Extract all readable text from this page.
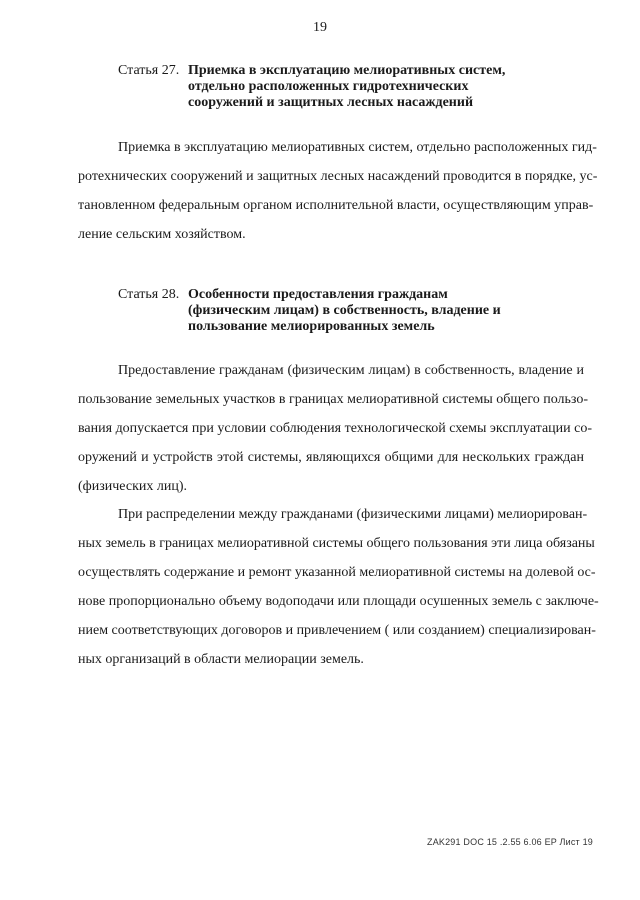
19
Статья 27. Приемка в эксплуатацию мелиоративных систем,
отдельно расположенных гидротехнических
сооружений и защитных лесных насаждений
Приемка в эксплуатацию мелиоративных систем, отдельно расположенных гид-
ротехнических сооружений и защитных лесных насаждений проводится в порядке, ус-
тановленном федеральным органом исполнительной власти, осуществляющим управ-
ление сельским хозяйством.
Статья 28. Особенности предоставления гражданам
(физическим лицам) в собственность, владение и
пользование мелиорированных земель
Предоставление гражданам (физическим лицам) в собственность, владение и
пользование земельных участков в границах мелиоративной системы общего пользо-
вания допускается при условии соблюдения технологической схемы эксплуатации со-
оружений и устройств этой системы, являющихся общими для нескольких граждан
(физических лиц).
При распределении между гражданами (физическими лицами) мелиорирован-
ных земель в границах мелиоративной системы общего пользования эти лица обязаны
осуществлять содержание и ремонт указанной мелиоративной системы на долевой ос-
нове пропорционально объему водоподачи или площади осушенных земель с заключе-
нием соответствующих договоров и привлечением ( или созданием) специализирован-
ных организаций в области мелиорации земель.
ZAK291 DOC 15 .2.55 6.06 EP Лист 19
